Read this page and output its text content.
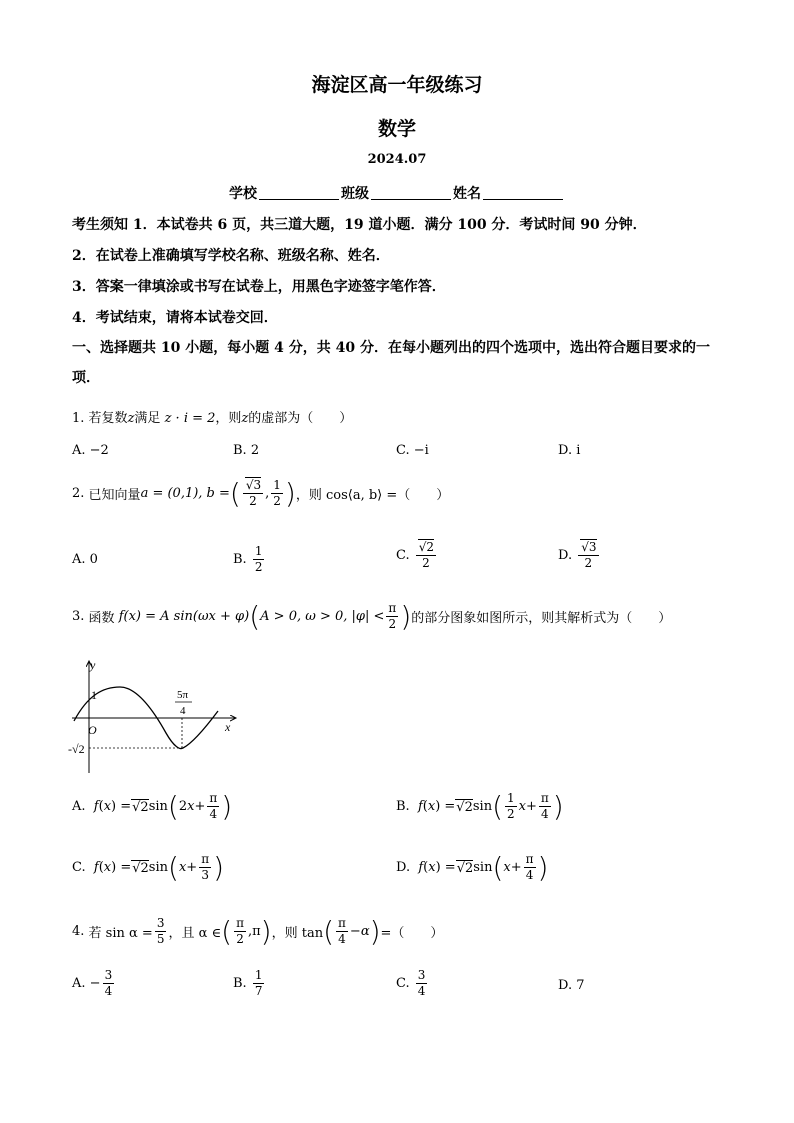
海淀区高一年级练习
数学
2024.07
学校	班级	姓名
考生须知 1．本试卷共 6 页，共三道大题，19 道小题．满分 100 分．考试时间 90 分钟．
2．在试卷上准确填写学校名称、班级名称、姓名．
3．答案一律填涂或书写在试卷上，用黑色字迹签字笔作答．
4．考试结束，请将本试卷交回．
一、选择题共 10 小题，每小题 4 分，共 40 分．在每小题列出的四个选项中，选出符合题目要求的一项．
1. 若复数z满足 z · i = 2，则z的虚部为（　　）
A. −2	B. 2	C. −i	D. i
2.
已知向量 a = (0,1), b = ( $\frac{√3}{2}$ , $\frac{1}{2}$ ) ，则 cos⟨a, b⟩ =（　　）
A. 0	B.
$\frac{1}{2}$	C.
$\frac{√2}{2}$	D.
$\frac{√3}{2}$
3.
函数
f(x) = A sin(ωx + φ) ( A > 0, ω > 0, $|\varphi| < \frac{\pi}{2}$ ) 的部分图象如图所示，则其解析式为（　　）
y
x
O
1
-√2
5π
4
A.
f ( x ) = √2 sin ( 2 $x + \frac{\pi}{4}$ )	B.
f ( x ) = √2 sin ( $\frac{1}{2}$ $x + \frac{\pi}{4}$ )
C.
f ( x ) = √2 sin ( $x + \frac{\pi}{3}$ )	D.
f ( x ) = √2 sin ( $x + \frac{\pi}{4}$ )
4.
若 $\sin \alpha = \frac{3}{5}$ ，且 α ∈ ( $\frac{\pi}{2} ,\pi$ ) ，则 tan ( $\frac{\pi}{4} - \alpha$ ) =（　　）
A. − $\frac{3}{4}$	B.
$\frac{1}{7}$	C.
$\frac{3}{4}$	D. 7
